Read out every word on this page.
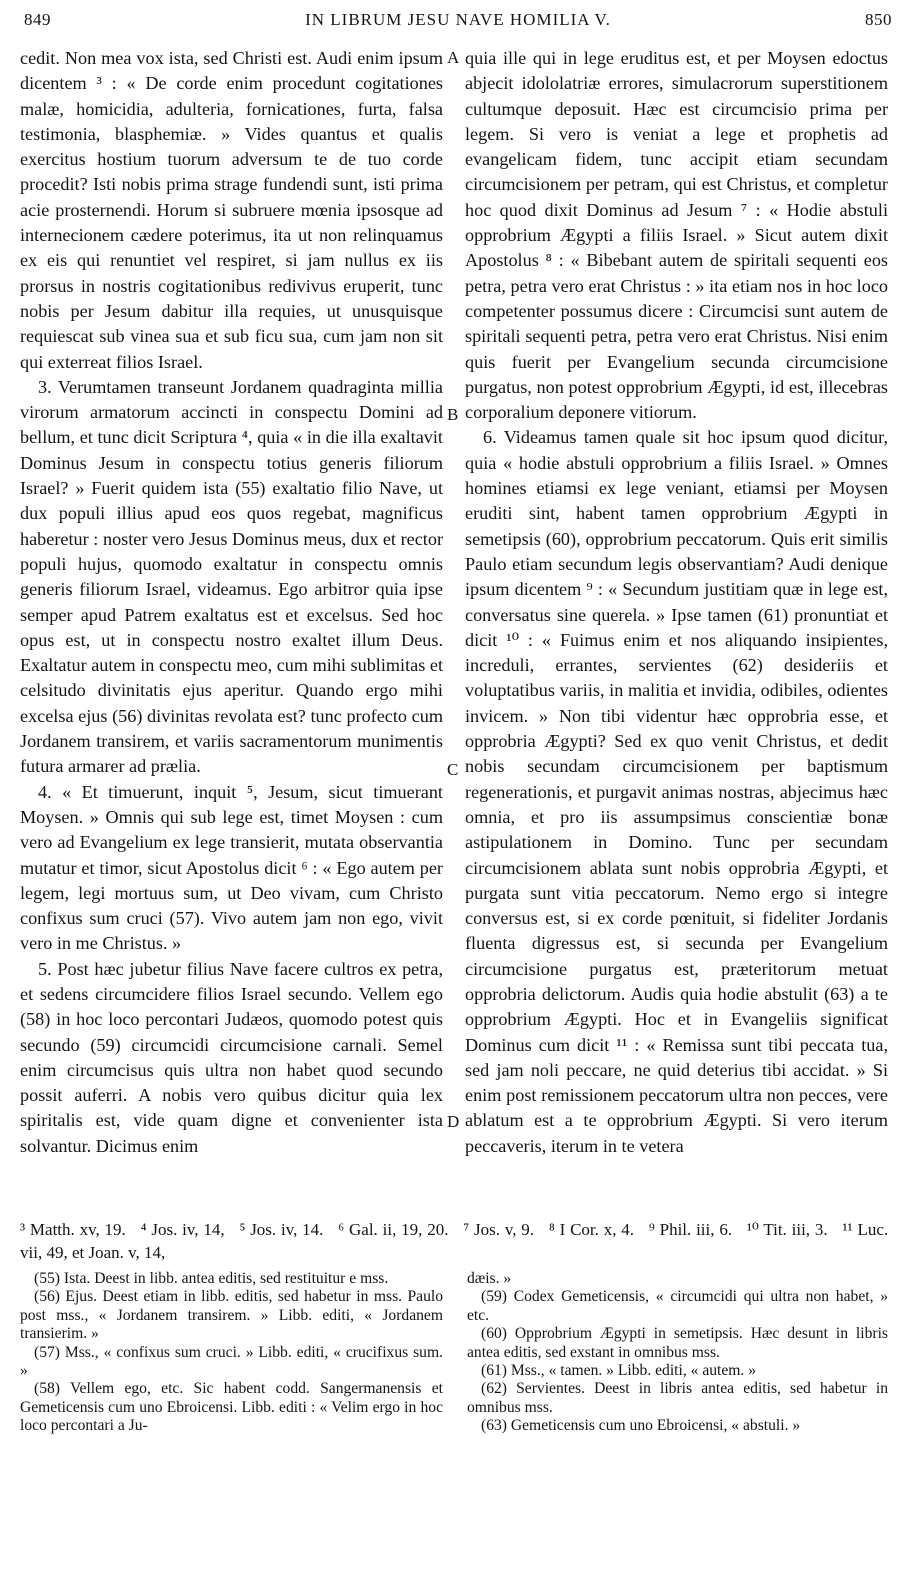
849	IN LIBRUM JESU NAVE HOMILIA V.	850

cedit. Non mea vox ista, sed Christi est. Audi enim ipsum dicentem ³ : « De corde enim procedunt cogitationes malæ, homicidia, adulteria, fornicationes, furta, falsa testimonia, blasphemiæ. » Vides quantus et qualis exercitus hostium tuorum adversum te de tuo corde procedit? Isti nobis prima strage fundendi sunt, isti prima acie prosternendi. Horum si subruere mœnia ipsosque ad internecionem cædere poterimus, ita ut non relinquamus ex eis qui renuntiet vel respiret, si jam nullus ex iis prorsus in nostris cogitationibus redivivus eruperit, tunc nobis per Jesum dabitur illa requies, ut unusquisque requiescat sub vinea sua et sub ficu sua, cum jam non sit qui exterreat filios Israel.

3. Verumtamen transeunt Jordanem quadraginta millia virorum armatorum accincti in conspectu Domini ad bellum, et tunc dicit Scriptura ⁴, quia « in die illa exaltavit Dominus Jesum in conspectu totius generis filiorum Israel? » Fuerit quidem ista (55) exaltatio filio Nave, ut dux populi illius apud eos quos regebat, magnificus haberetur : noster vero Jesus Dominus meus, dux et rector populi hujus, quomodo exaltatur in conspectu omnis generis filiorum Israel, videamus. Ego arbitror quia ipse semper apud Patrem exaltatus est et excelsus. Sed hoc opus est, ut in conspectu nostro exaltet illum Deus. Exaltatur autem in conspectu meo, cum mihi sublimitas et celsitudo divinitatis ejus aperitur. Quando ergo mihi excelsa ejus (56) divinitas revolata est? tunc profecto cum Jordanem transirem, et variis sacramentorum munimentis futura armarer ad prælia.

4. « Et timuerunt, inquit ⁵, Jesum, sicut timuerant Moysen. » Omnis qui sub lege est, timet Moysen : cum vero ad Evangelium ex lege transierit, mutata observantia mutatur et timor, sicut Apostolus dicit ⁶ : « Ego autem per legem, legi mortuus sum, ut Deo vivam, cum Christo confixus sum cruci (57). Vivo autem jam non ego, vivit vero in me Christus. »

5. Post hæc jubetur filius Nave facere cultros ex petra, et sedens circumcidere filios Israel secundo. Vellem ego (58) in hoc loco percontari Judæos, quomodo potest quis secundo (59) circumcidi circumcisione carnali. Semel enim circumcisus quis ultra non habet quod secundo possit auferri. A nobis vero quibus dicitur quia lex spiritalis est, vide quam digne et convenienter ista solvantur. Dicimus enim

A
B
C
D

quia ille qui in lege eruditus est, et per Moysen edoctus abjecit idololatriæ errores, simulacrorum superstitionem cultumque deposuit. Hæc est circumcisio prima per legem. Si vero is veniat a lege et prophetis ad evangelicam fidem, tunc accipit etiam secundam circumcisionem per petram, qui est Christus, et completur hoc quod dixit Dominus ad Jesum ⁷ : « Hodie abstuli opprobrium Ægypti a filiis Israel. » Sicut autem dixit Apostolus ⁸ : « Bibebant autem de spiritali sequenti eos petra, petra vero erat Christus : » ita etiam nos in hoc loco competenter possumus dicere : Circumcisi sunt autem de spiritali sequenti petra, petra vero erat Christus. Nisi enim quis fuerit per Evangelium secunda circumcisione purgatus, non potest opprobrium Ægypti, id est, illecebras corporalium deponere vitiorum.

6. Videamus tamen quale sit hoc ipsum quod dicitur, quia « hodie abstuli opprobrium a filiis Israel. » Omnes homines etiamsi ex lege veniant, etiamsi per Moysen eruditi sint, habent tamen opprobrium Ægypti in semetipsis (60), opprobrium peccatorum. Quis erit similis Paulo etiam secundum legis observantiam? Audi denique ipsum dicentem ⁹ : « Secundum justitiam quæ in lege est, conversatus sine querela. » Ipse tamen (61) pronuntiat et dicit ¹⁰ : « Fuimus enim et nos aliquando insipientes, increduli, errantes, servientes (62) desideriis et voluptatibus variis, in malitia et invidia, odibiles, odientes invicem. » Non tibi videntur hæc opprobria esse, et opprobria Ægypti? Sed ex quo venit Christus, et dedit nobis secundam circumcisionem per baptismum regenerationis, et purgavit animas nostras, abjecimus hæc omnia, et pro iis assumpsimus conscientiæ bonæ astipulationem in Domino. Tunc per secundam circumcisionem ablata sunt nobis opprobria Ægypti, et purgata sunt vitia peccatorum. Nemo ergo si integre conversus est, si ex corde pœnituit, si fideliter Jordanis fluenta digressus est, si secunda per Evangelium circumcisione purgatus est, præteritorum metuat opprobria delictorum. Audis quia hodie abstulit (63) a te opprobrium Ægypti. Hoc et in Evangeliis significat Dominus cum dicit ¹¹ : « Remissa sunt tibi peccata tua, sed jam noli peccare, ne quid deterius tibi accidat. » Si enim post remissionem peccatorum ultra non pecces, vere ablatum est a te opprobrium Ægypti. Si vero iterum peccaveris, iterum in te vetera

³ Matth. xv, 19. ⁴ Jos. iv, 14, ⁵ Jos. iv, 14. ⁶ Gal. ii, 19, 20. ⁷ Jos. v, 9. ⁸ I Cor. x, 4. ⁹ Phil. iii, 6. ¹⁰ Tit. iii, 3. ¹¹ Luc. vii, 49, et Joan. v, 14,

(55) Ista. Deest in libb. antea editis, sed restituitur e mss.

(56) Ejus. Deest etiam in libb. editis, sed habetur in mss. Paulo post mss., « Jordanem transirem. » Libb. editi, « Jordanem transierim. »

(57) Mss., « confixus sum cruci. » Libb. editi, « crucifixus sum. »

(58) Vellem ego, etc. Sic habent codd. Sangermanensis et Gemeticensis cum uno Ebroicensi. Libb. editi : « Velim ergo in hoc loco percontari a Ju-

dæis. »

(59) Codex Gemeticensis, « circumcidi qui ultra non habet, » etc.

(60) Opprobrium Ægypti in semetipsis. Hæc desunt in libris antea editis, sed exstant in omnibus mss.

(61) Mss., « tamen. » Libb. editi, « autem. »

(62) Servientes. Deest in libris antea editis, sed habetur in omnibus mss.

(63) Gemeticensis cum uno Ebroicensi, « abstuli. »
